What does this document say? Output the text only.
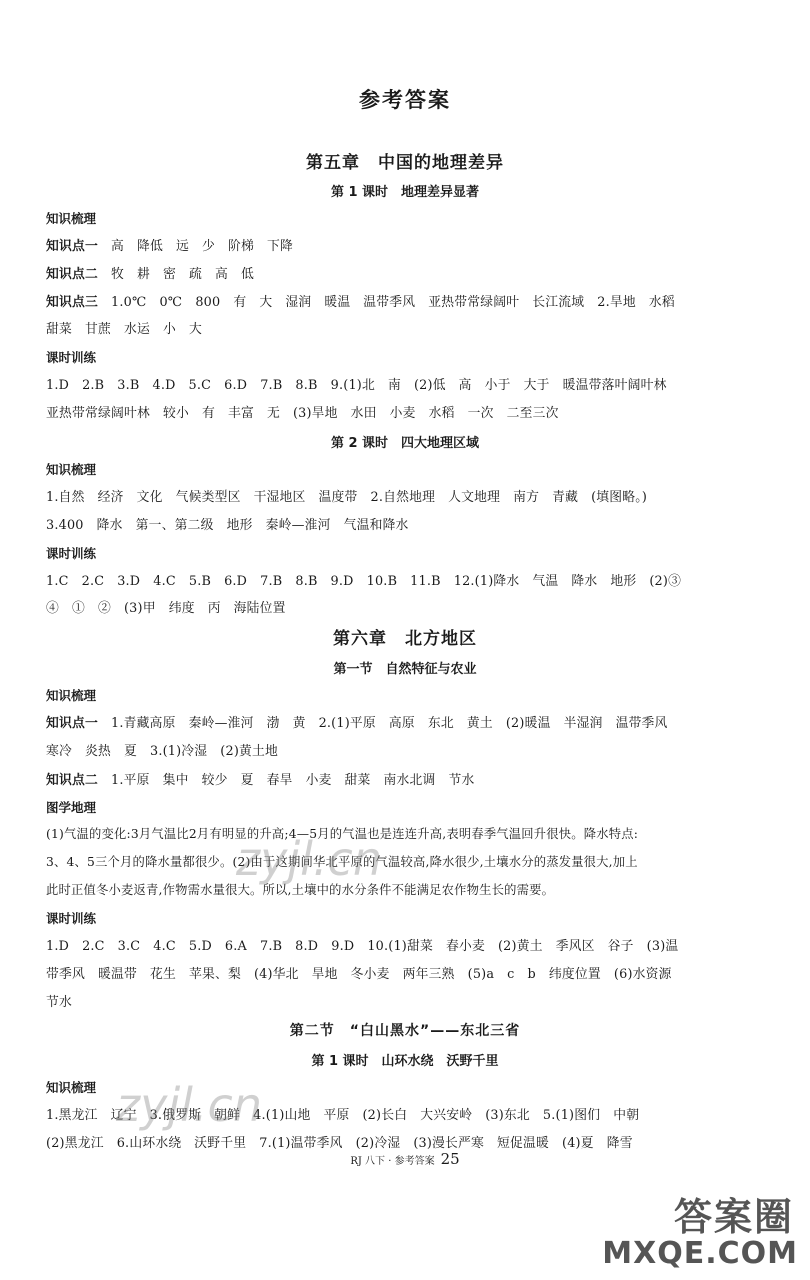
参考答案
第五章　中国的地理差异
第 1 课时　地理差异显著
知识梳理
知识点一　 高　降低　远　少　阶梯　下降
知识点二　 牧　耕　密　疏　高　低
知识点三　 1.0℃　0℃　800　有　大　湿润　暖温　温带季风　亚热带常绿阔叶　长江流域　2.旱地　水稻
甜菜　甘蔗　水运　小　大
课时训练
1.D　2.B　3.B　4.D　5.C　6.D　7.B　8.B　9.(1)北　南　(2)低　高　小于　大于　暖温带落叶阔叶林
亚热带常绿阔叶林　较小　有　丰富　无　(3)旱地　水田　小麦　水稻　一次　二至三次
第 2 课时　四大地理区域
知识梳理
1.自然　经济　文化　气候类型区　干湿地区　温度带　2.自然地理　人文地理　南方　青藏　(填图略。)
3.400　降水　第一、第二级　地形　秦岭—淮河　气温和降水
课时训练
1.C　2.C　3.D　4.C　5.B　6.D　7.B　8.B　9.D　10.B　11.B　12.(1)降水　气温　降水　地形　(2)③
④　①　②　(3)甲　纬度　丙　海陆位置
第六章　北方地区
第一节　自然特征与农业
知识梳理
知识点一　 1.青藏高原　秦岭—淮河　渤　黄　2.(1)平原　高原　东北　黄土　(2)暖温　半湿润　温带季风
寒冷　炎热　夏　3.(1)冷湿　(2)黄土地
知识点二　 1.平原　集中　较少　夏　春旱　小麦　甜菜　南水北调　节水
图学地理
(1)气温的变化:3月气温比2月有明显的升高;4—5月的气温也是连连升高,表明春季气温回升很快。降水特点:
3、4、5三个月的降水量都很少。(2)由于这期间华北平原的气温较高,降水很少,土壤水分的蒸发量很大,加上
此时正值冬小麦返青,作物需水量很大。所以,土壤中的水分条件不能满足农作物生长的需要。
课时训练
1.D　2.C　3.C　4.C　5.D　6.A　7.B　8.D　9.D　10.(1)甜菜　春小麦　(2)黄土　季风区　谷子　(3)温
带季风　暖温带　花生　苹果、梨　(4)华北　旱地　冬小麦　两年三熟　(5)a　c　b　纬度位置　(6)水资源
节水
第二节　“白山黑水”——东北三省
第 1 课时　山环水绕　沃野千里
知识梳理
1.黑龙江　辽宁　3.俄罗斯　朝鲜　4.(1)山地　平原　(2)长白　大兴安岭　(3)东北　5.(1)图们　中朝
(2)黑龙江　6.山环水绕　沃野千里　7.(1)温带季风　(2)冷湿　(3)漫长严寒　短促温暖　(4)夏　降雪
RJ 八下 · 参考答案 25
zyjl.cn
zyjl.cn
答案圈
MXQE.COM
